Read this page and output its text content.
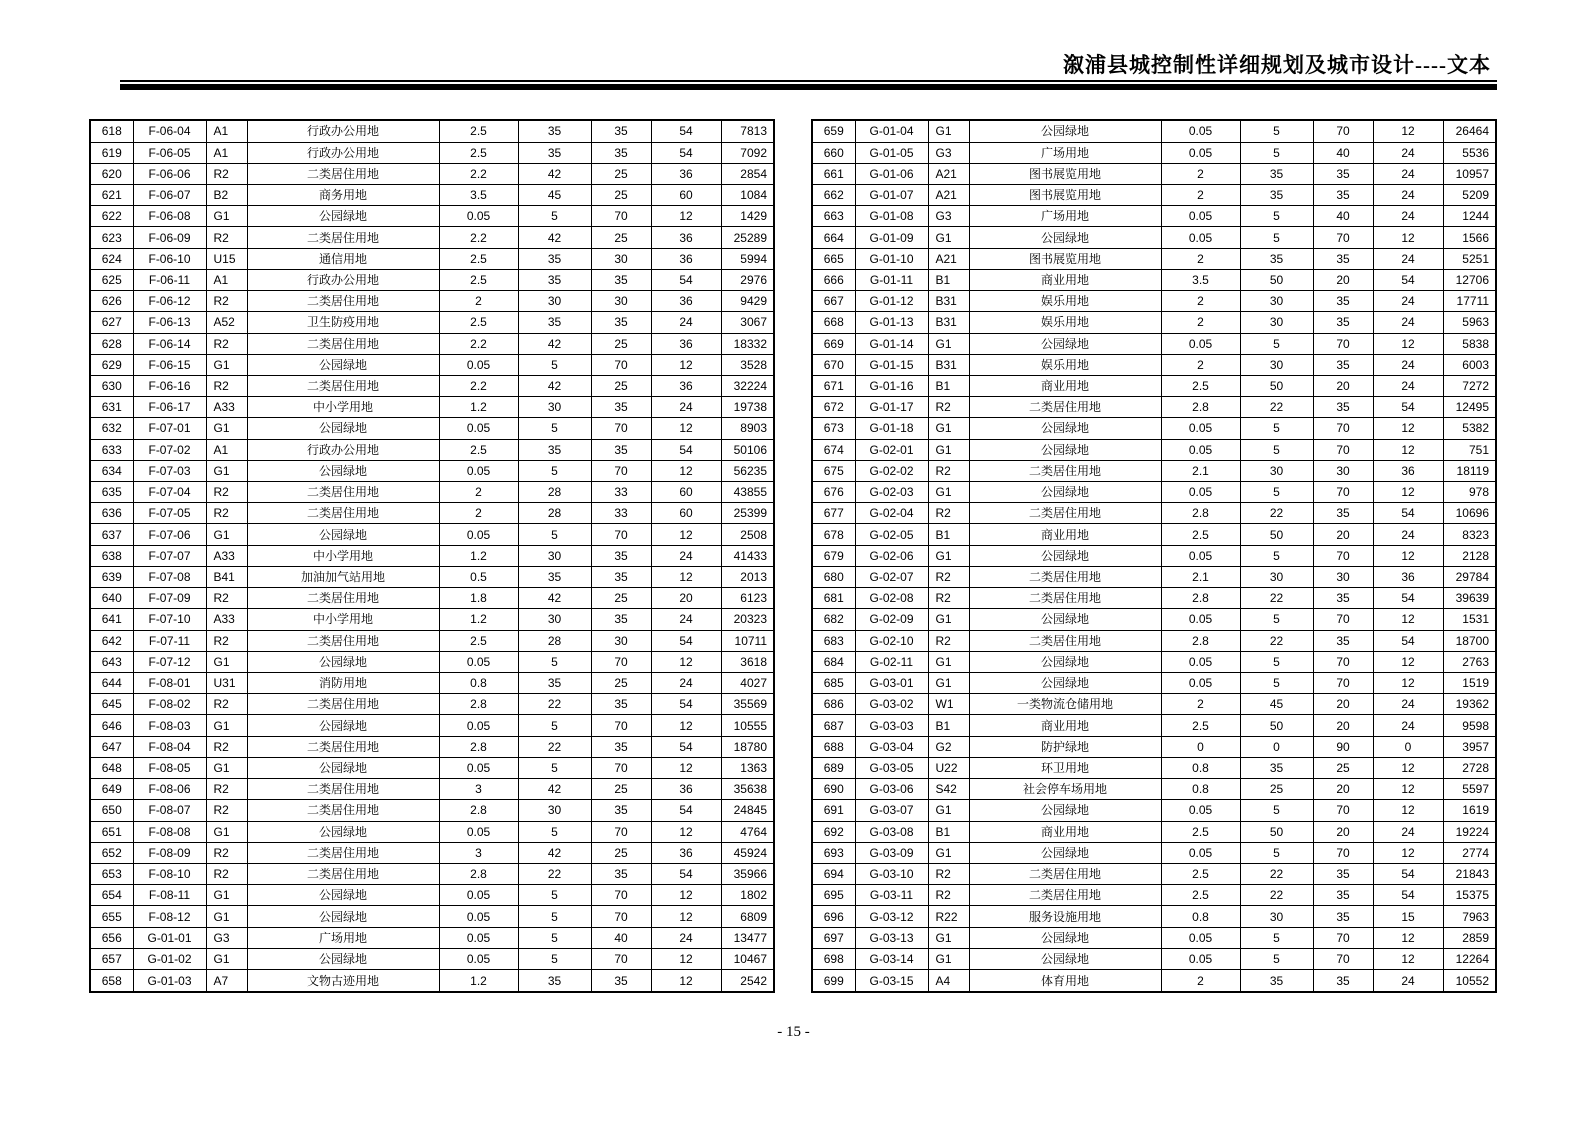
溆浦县城控制性详细规划及城市设计----文本
618	F-06-04	A1	行政办公用地	2.5	35	35	54	7813
619	F-06-05	A1	行政办公用地	2.5	35	35	54	7092
620	F-06-06	R2	二类居住用地	2.2	42	25	36	2854
621	F-06-07	B2	商务用地	3.5	45	25	60	1084
622	F-06-08	G1	公园绿地	0.05	5	70	12	1429
623	F-06-09	R2	二类居住用地	2.2	42	25	36	25289
624	F-06-10	U15	通信用地	2.5	35	30	36	5994
625	F-06-11	A1	行政办公用地	2.5	35	35	54	2976
626	F-06-12	R2	二类居住用地	2	30	30	36	9429
627	F-06-13	A52	卫生防疫用地	2.5	35	35	24	3067
628	F-06-14	R2	二类居住用地	2.2	42	25	36	18332
629	F-06-15	G1	公园绿地	0.05	5	70	12	3528
630	F-06-16	R2	二类居住用地	2.2	42	25	36	32224
631	F-06-17	A33	中小学用地	1.2	30	35	24	19738
632	F-07-01	G1	公园绿地	0.05	5	70	12	8903
633	F-07-02	A1	行政办公用地	2.5	35	35	54	50106
634	F-07-03	G1	公园绿地	0.05	5	70	12	56235
635	F-07-04	R2	二类居住用地	2	28	33	60	43855
636	F-07-05	R2	二类居住用地	2	28	33	60	25399
637	F-07-06	G1	公园绿地	0.05	5	70	12	2508
638	F-07-07	A33	中小学用地	1.2	30	35	24	41433
639	F-07-08	B41	加油加气站用地	0.5	35	35	12	2013
640	F-07-09	R2	二类居住用地	1.8	42	25	20	6123
641	F-07-10	A33	中小学用地	1.2	30	35	24	20323
642	F-07-11	R2	二类居住用地	2.5	28	30	54	10711
643	F-07-12	G1	公园绿地	0.05	5	70	12	3618
644	F-08-01	U31	消防用地	0.8	35	25	24	4027
645	F-08-02	R2	二类居住用地	2.8	22	35	54	35569
646	F-08-03	G1	公园绿地	0.05	5	70	12	10555
647	F-08-04	R2	二类居住用地	2.8	22	35	54	18780
648	F-08-05	G1	公园绿地	0.05	5	70	12	1363
649	F-08-06	R2	二类居住用地	3	42	25	36	35638
650	F-08-07	R2	二类居住用地	2.8	30	35	54	24845
651	F-08-08	G1	公园绿地	0.05	5	70	12	4764
652	F-08-09	R2	二类居住用地	3	42	25	36	45924
653	F-08-10	R2	二类居住用地	2.8	22	35	54	35966
654	F-08-11	G1	公园绿地	0.05	5	70	12	1802
655	F-08-12	G1	公园绿地	0.05	5	70	12	6809
656	G-01-01	G3	广场用地	0.05	5	40	24	13477
657	G-01-02	G1	公园绿地	0.05	5	70	12	10467
658	G-01-03	A7	文物古迹用地	1.2	35	35	12	2542
659	G-01-04	G1	公园绿地	0.05	5	70	12	26464
660	G-01-05	G3	广场用地	0.05	5	40	24	5536
661	G-01-06	A21	图书展览用地	2	35	35	24	10957
662	G-01-07	A21	图书展览用地	2	35	35	24	5209
663	G-01-08	G3	广场用地	0.05	5	40	24	1244
664	G-01-09	G1	公园绿地	0.05	5	70	12	1566
665	G-01-10	A21	图书展览用地	2	35	35	24	5251
666	G-01-11	B1	商业用地	3.5	50	20	54	12706
667	G-01-12	B31	娱乐用地	2	30	35	24	17711
668	G-01-13	B31	娱乐用地	2	30	35	24	5963
669	G-01-14	G1	公园绿地	0.05	5	70	12	5838
670	G-01-15	B31	娱乐用地	2	30	35	24	6003
671	G-01-16	B1	商业用地	2.5	50	20	24	7272
672	G-01-17	R2	二类居住用地	2.8	22	35	54	12495
673	G-01-18	G1	公园绿地	0.05	5	70	12	5382
674	G-02-01	G1	公园绿地	0.05	5	70	12	751
675	G-02-02	R2	二类居住用地	2.1	30	30	36	18119
676	G-02-03	G1	公园绿地	0.05	5	70	12	978
677	G-02-04	R2	二类居住用地	2.8	22	35	54	10696
678	G-02-05	B1	商业用地	2.5	50	20	24	8323
679	G-02-06	G1	公园绿地	0.05	5	70	12	2128
680	G-02-07	R2	二类居住用地	2.1	30	30	36	29784
681	G-02-08	R2	二类居住用地	2.8	22	35	54	39639
682	G-02-09	G1	公园绿地	0.05	5	70	12	1531
683	G-02-10	R2	二类居住用地	2.8	22	35	54	18700
684	G-02-11	G1	公园绿地	0.05	5	70	12	2763
685	G-03-01	G1	公园绿地	0.05	5	70	12	1519
686	G-03-02	W1	一类物流仓储用地	2	45	20	24	19362
687	G-03-03	B1	商业用地	2.5	50	20	24	9598
688	G-03-04	G2	防护绿地	0	0	90	0	3957
689	G-03-05	U22	环卫用地	0.8	35	25	12	2728
690	G-03-06	S42	社会停车场用地	0.8	25	20	12	5597
691	G-03-07	G1	公园绿地	0.05	5	70	12	1619
692	G-03-08	B1	商业用地	2.5	50	20	24	19224
693	G-03-09	G1	公园绿地	0.05	5	70	12	2774
694	G-03-10	R2	二类居住用地	2.5	22	35	54	21843
695	G-03-11	R2	二类居住用地	2.5	22	35	54	15375
696	G-03-12	R22	服务设施用地	0.8	30	35	15	7963
697	G-03-13	G1	公园绿地	0.05	5	70	12	2859
698	G-03-14	G1	公园绿地	0.05	5	70	12	12264
699	G-03-15	A4	体育用地	2	35	35	24	10552
- 15 -
